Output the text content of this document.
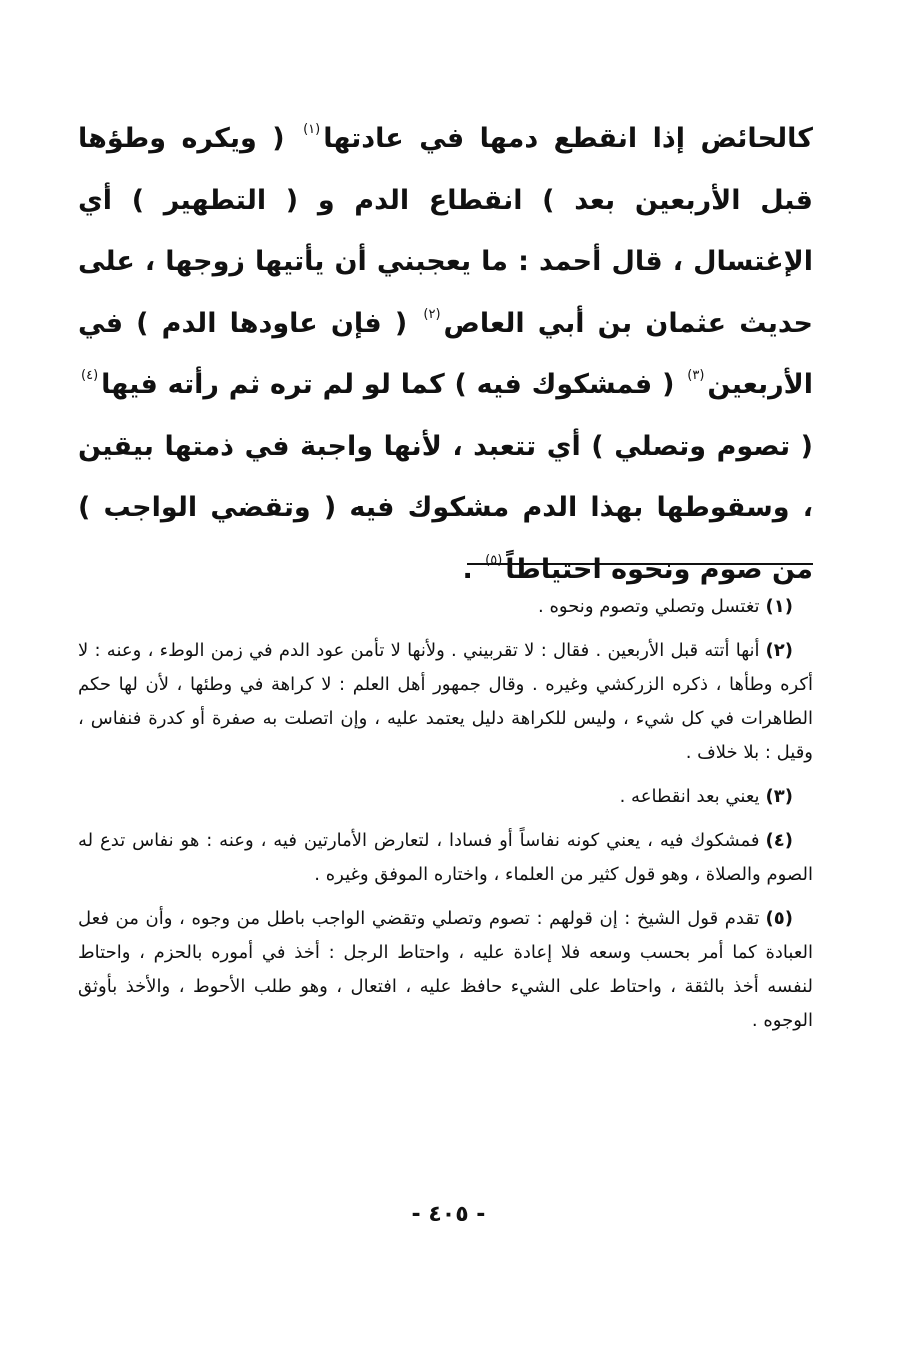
كالحائض إذا انقطع دمها في عادتها$^{(١)}$ ( ويكره وطؤها قبل الأربعين بعد ) انقطاع الدم و ( التطهير ) أي الإغتسال ، قال أحمد : ما يعجبني أن يأتيها زوجها ، على حديث عثمان بن أبي العاص$^{(٢)}$ ( فإن عاودها الدم ) في الأربعين$^{(٣)}$ ( فمشكوك فيه ) كما لو لم تره ثم رأته فيها$^{(٤)}$ ( تصوم وتصلي ) أي تتعبد ، لأنها واجبة في ذمتها بيقين ، وسقوطها بهذا الدم مشكوك فيه ( وتقضي الواجب ) من صوم ونحوه احتياطاً$^{(٥)}$ .

(١)تغتسل وتصلي وتصوم ونحوه .

(٢)أنها أتته قبل الأربعين . فقال : لا تقربيني . ولأنها لا تأمن عود الدم في زمن الوطء ، وعنه : لا أكره وطأها ، ذكره الزركشي وغيره . وقال جمهور أهل العلم : لا كراهة في وطئها ، لأن لها حكم الطاهرات في كل شيء ، وليس للكراهة دليل يعتمد عليه ، وإن اتصلت به صفرة أو كدرة فنفاس ، وقيل : بلا خلاف .

(٣)يعني بعد انقطاعه .

(٤)فمشكوك فيه ، يعني كونه نفاساً أو فسادا ، لتعارض الأمارتين فيه ، وعنه : هو نفاس تدع له الصوم والصلاة ، وهو قول كثير من العلماء ، واختاره الموفق وغيره .

(٥)تقدم قول الشيخ : إن قولهم : تصوم وتصلي وتقضي الواجب باطل من وجوه ، وأن من فعل العبادة كما أمر بحسب وسعه فلا إعادة عليه ، واحتاط الرجل : أخذ في أموره بالحزم ، واحتاط لنفسه أخذ بالثقة ، واحتاط على الشيء حافظ عليه ، افتعال ، وهو طلب الأحوط ، والأخذ بأوثق الوجوه .

- ٤٠٥ -
